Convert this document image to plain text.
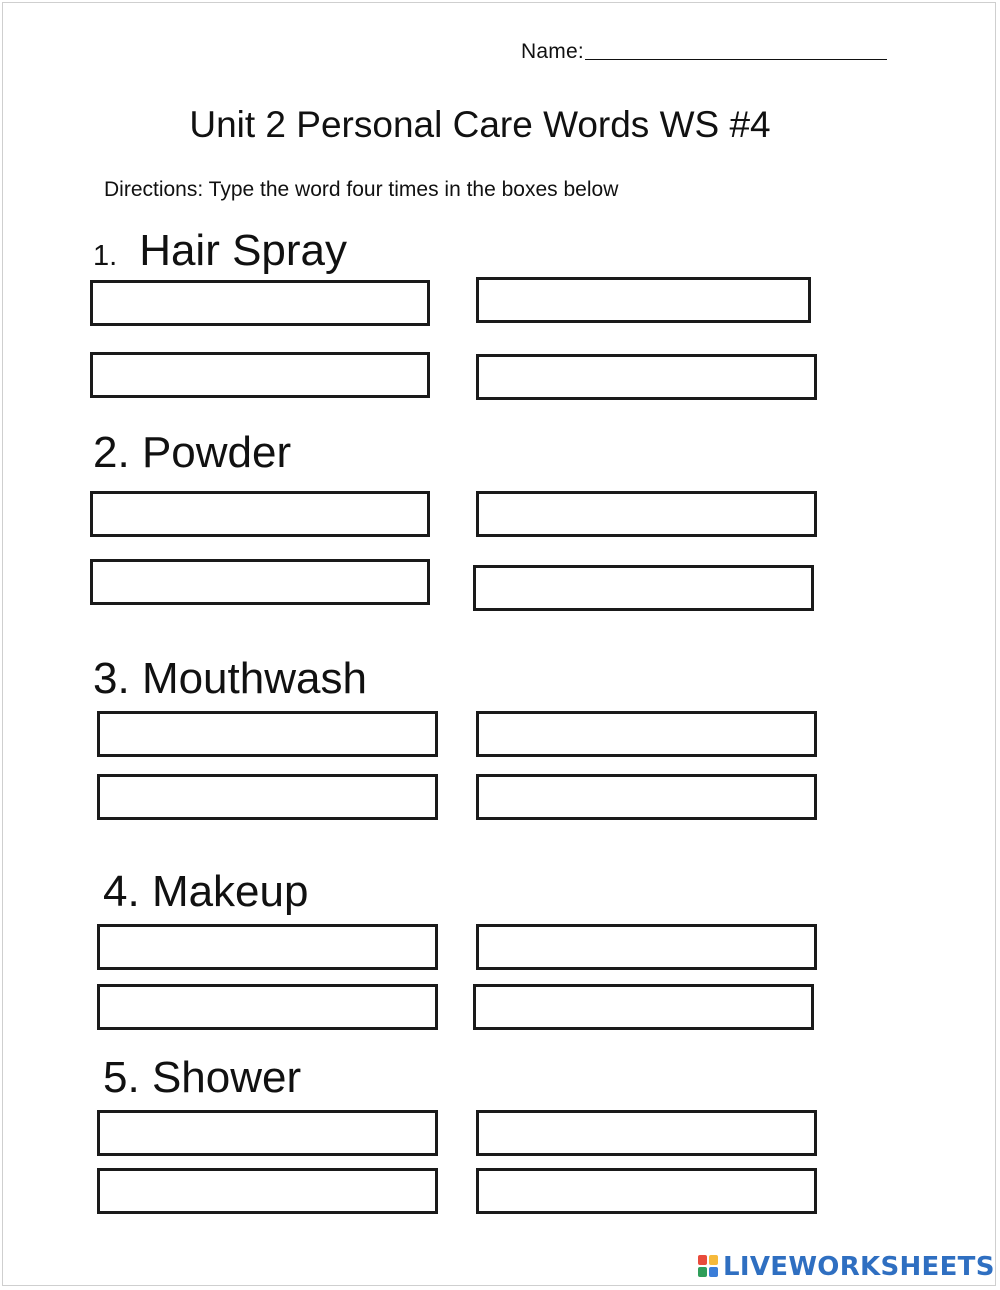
Name:
Unit 2 Personal Care Words WS #4
Directions: Type the word four times in the boxes below
1. Hair Spray
2. Powder
3. Mouthwash
4. Makeup
5. Shower
LIVEWORKSHEETS
